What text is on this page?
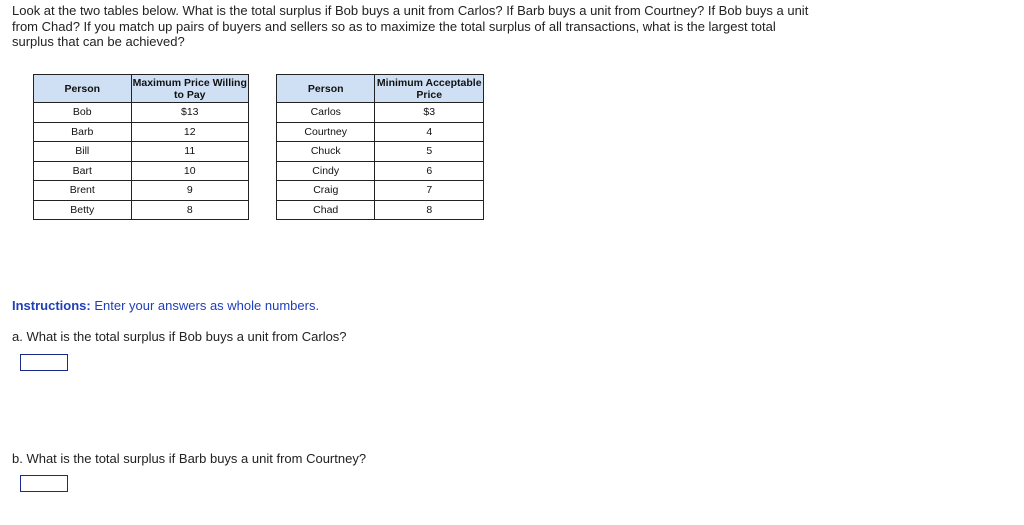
Look at the two tables below. What is the total surplus if Bob buys a unit from Carlos? If Barb buys a unit from Courtney? If Bob buys a unit from Chad? If you match up pairs of buyers and sellers so as to maximize the total surplus of all transactions, what is the largest total surplus that can be achieved?
Person	Maximum Price Willing to Pay
Bob	$13
Barb	12
Bill	11
Bart	10
Brent	9
Betty	8
Person	Minimum Acceptable Price
Carlos	$3
Courtney	4
Chuck	5
Cindy	6
Craig	7
Chad	8
Instructions: Enter your answers as whole numbers.
a. What is the total surplus if Bob buys a unit from Carlos?
b. What is the total surplus if Barb buys a unit from Courtney?
